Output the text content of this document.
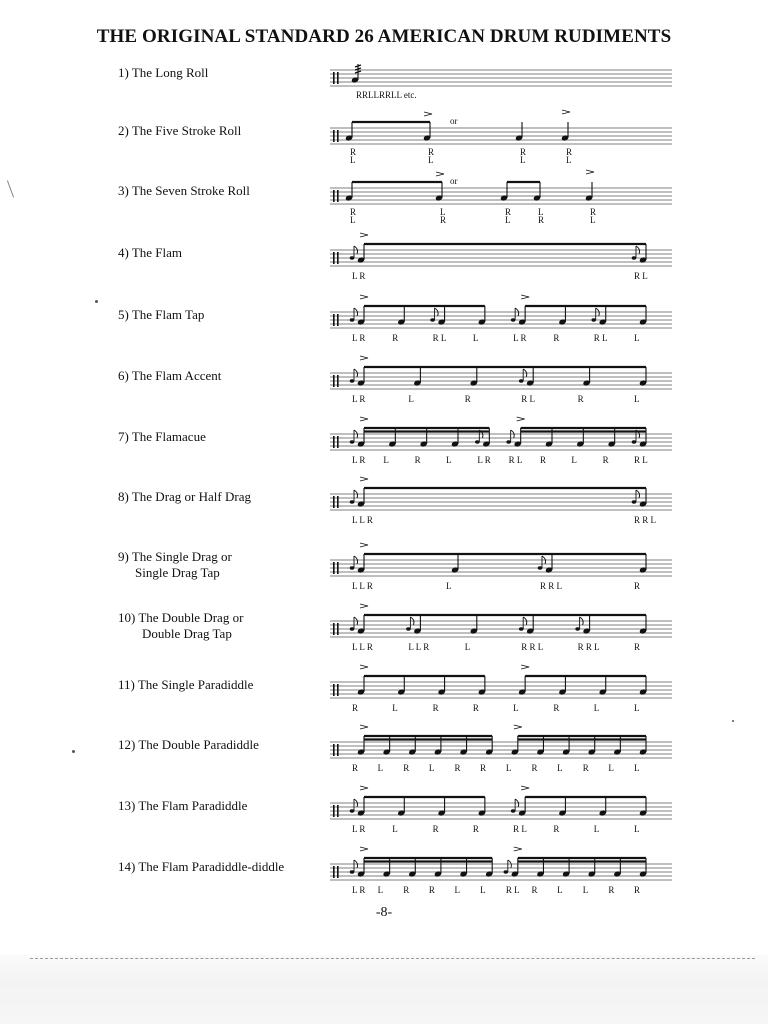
THE ORIGINAL STANDARD 26 AMERICAN DRUM RUDIMENTS
1) The Long Roll
RRLLRRLL etc.
2) The Five Stroke Roll
or
R	R	R	R
L	L	L	L
3) The Seven Stroke Roll
or
R	L	R	L	R
L	R	L	R	L
4) The Flam
L R	R L
5) The Flam Tap
L R	R	R L	L	L R	R	R L	L
6) The Flam Accent
L R	L	R	R L	R	L
7) The Flamacue
L R L	R	L	L R R L R	L	R	R L
8) The Drag or Half Drag
L L R	R R L
9) The Single Drag or
Single Drag Tap
L L R	L	R R L	R
10) The Double Drag or
Double Drag Tap
L L R	L L R	L	R R L	R R L	R
11) The Single Paradiddle
R	L	R	R	L	R	L	L
12) The Double Paradiddle
R L R L R R L R L R L L
13) The Flam Paradiddle
L R	L	R	R	R L	R	L	L
14) The Flam Paradiddle-diddle
L R L R R L L R L R L L R R
-8-
